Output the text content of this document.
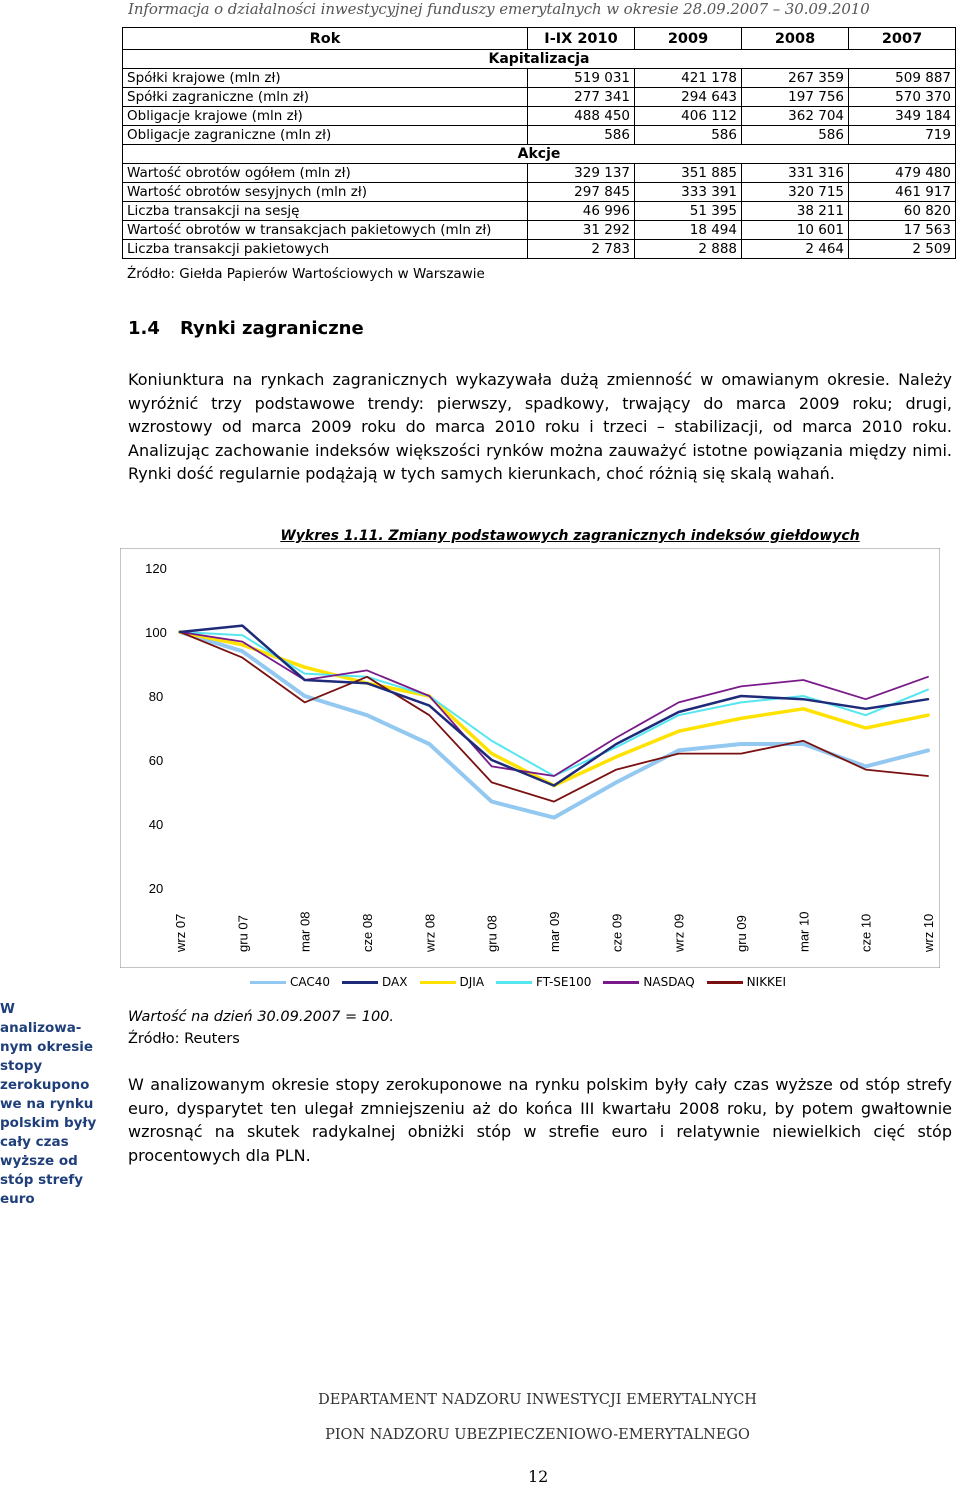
Informacja o działalności inwestycyjnej funduszy emerytalnych w okresie 28.09.2007 – 30.09.2010
Rok	I-IX 2010	2009	2008	2007
Kapitalizacja				
Spółki krajowe (mln zł)	519 031	421 178	267 359	509 887
Spółki zagraniczne (mln zł)	277 341	294 643	197 756	570 370
Obligacje krajowe (mln zł)	488 450	406 112	362 704	349 184
Obligacje zagraniczne (mln zł)	586	586	586	719
Akcje				
Wartość obrotów ogółem (mln zł)	329 137	351 885	331 316	479 480
Wartość obrotów sesyjnych (mln zł)	297 845	333 391	320 715	461 917
Liczba transakcji na sesję	46 996	51 395	38 211	60 820
Wartość obrotów w transakcjach pakietowych (mln zł)	31 292	18 494	10 601	17 563
Liczba transakcji pakietowych	2 783	2 888	2 464	2 509
Źródło: Giełda Papierów Wartościowych w Warszawie
1.4 Rynki zagraniczne
Koniunktura na rynkach zagranicznych wykazywała dużą zmienność w omawianym okresie. Należy wyróżnić trzy podstawowe trendy: pierwszy, spadkowy, trwający do marca 2009 roku; drugi, wzrostowy od marca 2009 roku do marca 2010 roku i trzeci – stabilizacji, od marca 2010 roku. Analizując zachowanie indeksów większości rynków można zauważyć istotne powiązania między nimi. Rynki dość regularnie podążają w tych samych kierunkach, choć różnią się skalą wahań.
Wykres 1.11. Zmiany podstawowych zagranicznych indeksów giełdowych
120
100
80
60
40
20
wrz 07	gru 07	mar 08	cze 08	wrz 08	gru 08	mar 09	cze 09	wrz 09	gru 09	mar 10	cze 10	wrz 10
CAC40	DAX	DJIA	FT-SE100	NASDAQ	NIKKEI
Wartość na dzień 30.09.2007 = 100.
Źródło: Reuters
W analizowa-nym okresie stopy zerokupono we na rynku polskim były cały czas wyższe od stóp strefy euro
W analizowanym okresie stopy zerokuponowe na rynku polskim były cały czas wyższe od stóp strefy euro, dysparytet ten ulegał zmniejszeniu aż do końca III kwartału 2008 roku, by potem gwałtownie wzrosnąć na skutek radykalnej obniżki stóp w strefie euro i relatywnie niewielkich cięć stóp procentowych dla PLN.
DEPARTAMENT NADZORU INWESTYCJI EMERYTALNYCH
PION NADZORU UBEZPIECZENIOWO-EMERYTALNEGO
12
